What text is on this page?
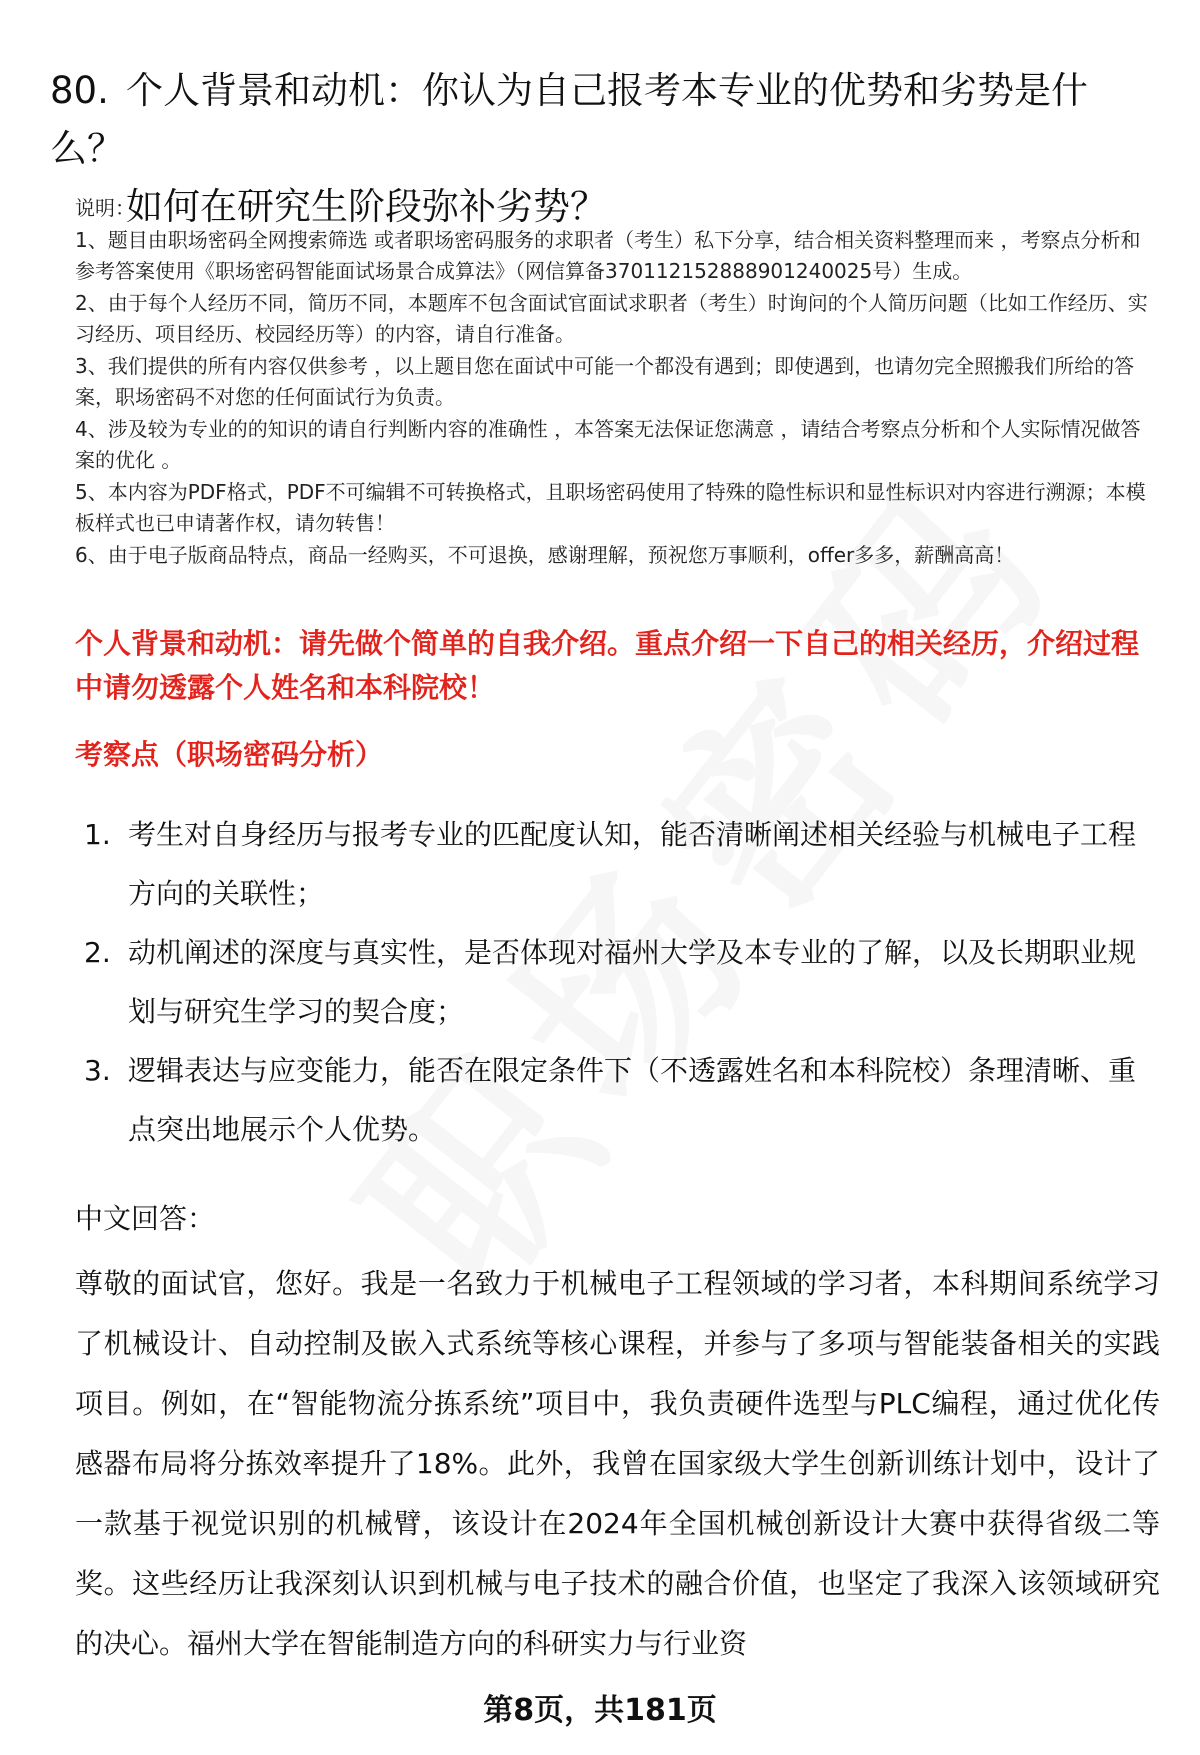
80. 个人背景和动机：你认为自己报考本专业的优势和劣势是什么？
如何在研究生阶段弥补劣势？

说明：

1、题目由职场密码全网搜索筛选 或者职场密码服务的求职者（考生）私下分享，结合相关资料整理而来 ，考察点分析和参考答案使用《职场密码智能面试场景合成算法》（网信算备370112152888901240025号）生成。

2、由于每个人经历不同，简历不同，本题库不包含面试官面试求职者（考生）时询问的个人简历问题（比如工作经历、实习经历、项目经历、校园经历等）的内容，请自行准备。

3、我们提供的所有内容仅供参考 ，以上题目您在面试中可能一个都没有遇到；即使遇到，也请勿完全照搬我们所给的答案，职场密码不对您的任何面试行为负责。

4、涉及较为专业的的知识的请自行判断内容的准确性 ，本答案无法保证您满意 ，请结合考察点分析和个人实际情况做答案的优化 。

5、本内容为PDF格式，PDF不可编辑不可转换格式，且职场密码使用了特殊的隐性标识和显性标识对内容进行溯源；本模板样式也已申请著作权，请勿转售！

6、由于电子版商品特点，商品一经购买，不可退换，感谢理解，预祝您万事顺利，offer多多，薪酬高高！

个人背景和动机：请先做个简单的自我介绍。重点介绍一下自己的相关经历，介绍过程中请勿透露个人姓名和本科院校！
考察点（职场密码分析）
1. 考生对自身经历与报考专业的匹配度认知，能否清晰阐述相关经验与机械电子工程方向的关联性；
2. 动机阐述的深度与真实性，是否体现对福州大学及本专业的了解，以及长期职业规划与研究生学习的契合度；
3. 逻辑表达与应变能力，能否在限定条件下（不透露姓名和本科院校）条理清晰、重点突出地展示个人优势。
中文回答：
尊敬的面试官，您好。我是一名致力于机械电子工程领域的学习者，本科期间系统学习了机械设计、自动控制及嵌入式系统等核心课程，并参与了多项与智能装备相关的实践项目。例如，在“智能物流分拣系统”项目中，我负责硬件选型与PLC编程，通过优化传感器布局将分拣效率提升了18%。此外，我曾在国家级大学生创新训练计划中，设计了一款基于视觉识别的机械臂，该设计在2024年全国机械创新设计大赛中获得省级二等奖。这些经历让我深刻认识到机械与电子技术的融合价值，也坚定了我深入该领域研究的决心。福州大学在智能制造方向的科研实力与行业资
第8页，共181页
